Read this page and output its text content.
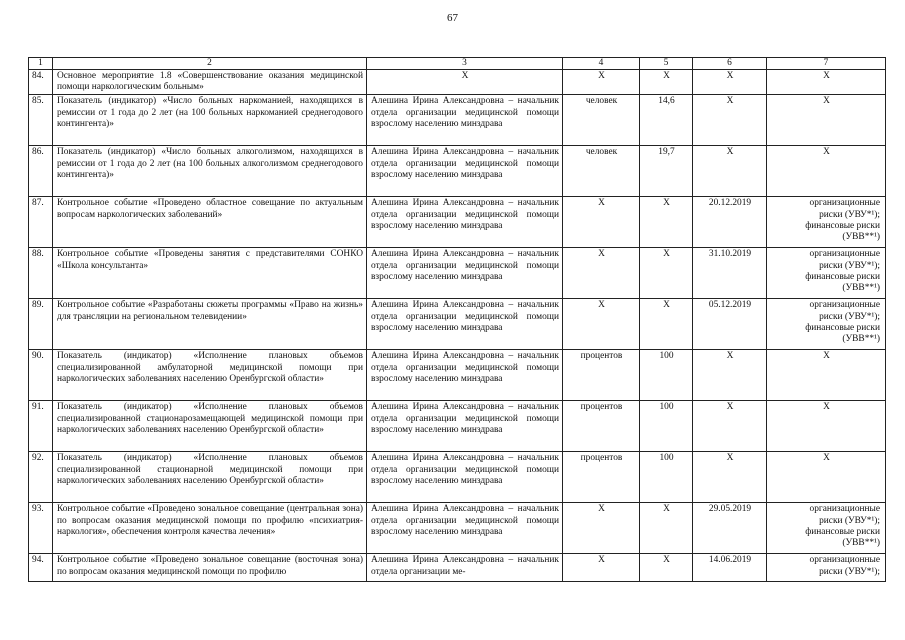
67
1	2	3	4	5	6	7
84.	Основное мероприятие 1.8 «Совершенствование оказания медицинской помощи наркологическим больным»	Х	Х	Х	Х	Х

85.	Показатель (индикатор) «Число больных наркоманией, находящихся в ремиссии от 1 года до 2 лет (на 100 больных наркоманией среднегодового контингента)»	Алешина Ирина Александровна – начальник отдела организации медицинской помощи взрослому населению минздрава	человек	14,6	Х	Х

86.	Показатель (индикатор) «Число больных алкоголизмом, находящихся в ремиссии от 1 года до 2 лет (на 100 больных алкоголизмом среднегодового контингента)»	Алешина Ирина Александровна – начальник отдела организации медицинской помощи взрослому населению минздрава	человек	19,7	Х	Х

87.	Контрольное событие «Проведено областное совещание по актуальным вопросам наркологических заболеваний»	Алешина Ирина Александровна – начальник отдела организации медицинской помощи взрослому населению минздрава	Х	Х	20.12.2019	организационные
риски (УВУ*¹);
финансовые риски
(УВВ**¹)

88.	Контрольное событие «Проведены занятия с представителями СОНКО «Школа консультанта»	Алешина Ирина Александровна – начальник отдела организации медицинской помощи взрослому населению минздрава	Х	Х	31.10.2019	организационные
риски (УВУ*¹);
финансовые риски
(УВВ**¹)

89.	Контрольное событие «Разработаны сюжеты программы «Право на жизнь» для трансляции на региональном телевидении»	Алешина Ирина Александровна – начальник отдела организации медицинской помощи взрослому населению минздрава	Х	Х	05.12.2019	организационные
риски (УВУ*¹);
финансовые риски
(УВВ**¹)

90.	Показатель (индикатор) «Исполнение плановых объемов специализированной амбулаторной медицинской помощи при наркологических заболеваниях населению Оренбургской области»	Алешина Ирина Александровна – начальник отдела организации медицинской помощи взрослому населению минздрава	процентов	100	Х	Х

91.	Показатель (индикатор) «Исполнение плановых объемов специализированной стационарозамещающей медицинской помощи при наркологических заболеваниях населению Оренбургской области»	Алешина Ирина Александровна – начальник отдела организации медицинской помощи взрослому населению минздрава	процентов	100	Х	Х

92.	Показатель (индикатор) «Исполнение плановых объемов специализированной стационарной медицинской помощи при наркологических заболеваниях населению Оренбургской области»	Алешина Ирина Александровна – начальник отдела организации медицинской помощи взрослому населению минздрава	процентов	100	Х	Х

93.	Контрольное событие «Проведено зональное совещание (центральная зона) по вопросам оказания медицинской помощи по профилю «психиатрия-наркология», обеспечения контроля качества лечения»	Алешина Ирина Александровна – начальник отдела организации медицинской помощи взрослому населению минздрава	Х	Х	29.05.2019	организационные
риски (УВУ*¹);
финансовые риски
(УВВ**¹)

94.	Контрольное событие «Проведено зональное совещание (восточная зона) по вопросам оказания медицинской помощи по профилю	Алешина Ирина Александровна – начальник отдела организации ме-	Х	Х	14.06.2019	организационные
риски (УВУ*¹);
